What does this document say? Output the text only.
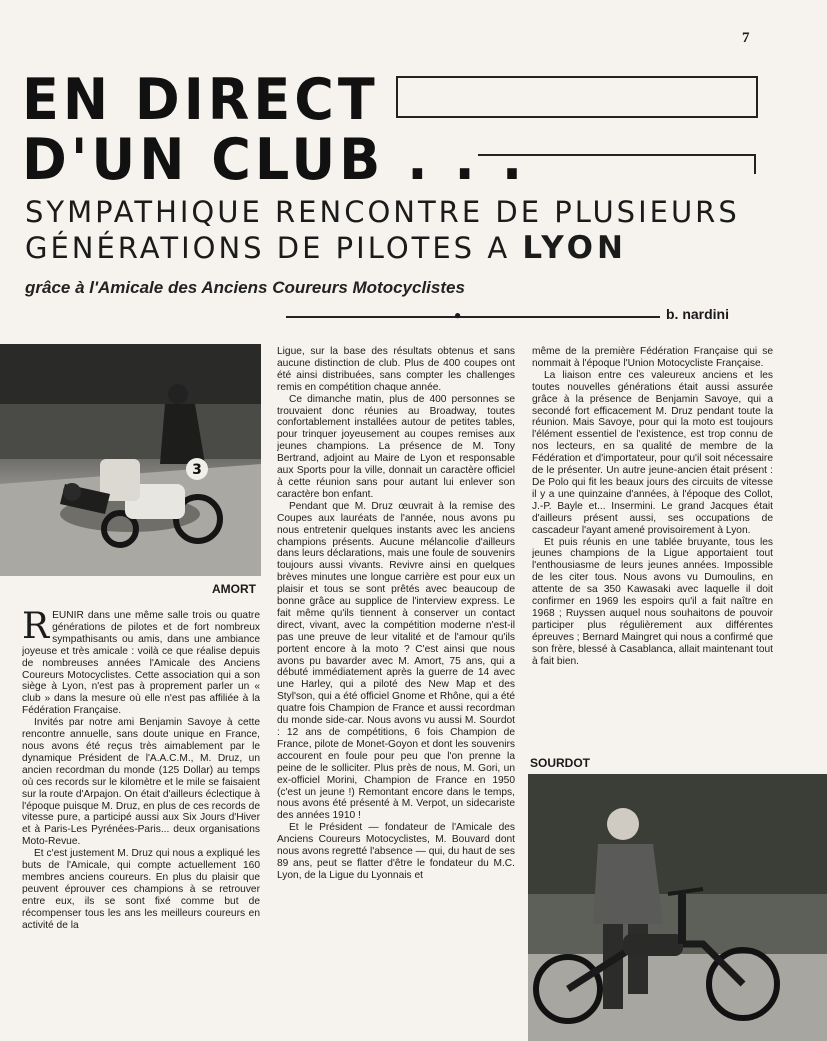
7
EN DIRECT
D'UN CLUB . . .
SYMPATHIQUE RENCONTRE DE PLUSIEURS
GÉNÉRATIONS DE PILOTES A LYON
grâce à l'Amicale des Anciens Coureurs Motocyclistes
●	b. nardini
3
AMORT

REUNIR dans une même salle trois ou quatre générations de pilotes et de fort nombreux sympathisants ou amis, dans une ambiance joyeuse et très amicale : voilà ce que réalise depuis de nombreuses années l'Amicale des Anciens Coureurs Motocyclistes. Cette association qui a son siège à Lyon, n'est pas à proprement parler un « club » dans la mesure où elle n'est pas affiliée à la Fédération Française.

Invités par notre ami Benjamin Savoye à cette rencontre annuelle, sans doute unique en France, nous avons été reçus très aimablement par le dynamique Président de l'A.A.C.M., M. Druz, un ancien recordman du monde (125 Dollar) au temps où ces records sur le kilomètre et le mile se faisaient sur la route d'Arpajon. On était d'ailleurs éclectique à l'époque puisque M. Druz, en plus de ces records de vitesse pure, a participé aussi aux Six Jours d'Hiver et à Paris-Les Pyrénées-Paris... deux organisations Moto-Revue.

Et c'est justement M. Druz qui nous a expliqué les buts de l'Amicale, qui compte actuellement 160 membres anciens coureurs. En plus du plaisir que peuvent éprouver ces champions à se retrouver entre eux, ils se sont fixé comme but de récompenser tous les ans les meilleurs coureurs en activité de la

Ligue, sur la base des résultats obtenus et sans aucune distinction de club. Plus de 400 coupes ont été ainsi distribuées, sans compter les challenges remis en compétition chaque année.

Ce dimanche matin, plus de 400 personnes se trouvaient donc réunies au Broadway, toutes confortablement installées autour de petites tables, pour trinquer joyeusement au coupes remises aux jeunes champions. La présence de M. Tony Bertrand, adjoint au Maire de Lyon et responsable aux Sports pour la ville, donnait un caractère officiel à cette réunion sans pour autant lui enlever son caractère bon enfant.

Pendant que M. Druz œuvrait à la remise des Coupes aux lauréats de l'année, nous avons pu nous entretenir quelques instants avec les anciens champions présents. Aucune mélancolie d'ailleurs dans leurs déclarations, mais une foule de souvenirs toujours aussi vivants. Revivre ainsi en quelques brèves minutes une longue carrière est pour eux un plaisir et tous se sont prêtés avec beaucoup de bonne grâce au supplice de l'interview express. Le fait même qu'ils tiennent à conserver un contact direct, vivant, avec la compétition moderne n'est-il pas une preuve de leur vitalité et de l'amour qu'ils portent encore à la moto ? C'est ainsi que nous avons pu bavarder avec M. Amort, 75 ans, qui a débuté immédiatement après la guerre de 14 avec une Harley, qui a piloté des New Map et des Styl'son, qui a été officiel Gnome et Rhône, qui a été quatre fois Champion de France et aussi recordman du monde side-car. Nous avons vu aussi M. Sourdot : 12 ans de compétitions, 6 fois Champion de France, pilote de Monet-Goyon et dont les souvenirs accourent en foule pour peu que l'on prenne la peine de le solliciter. Plus près de nous, M. Gori, un ex-officiel Morini, Champion de France en 1950 (c'est un jeune !) Remontant encore dans le temps, nous avons été présenté à M. Verpot, un sidecariste des années 1910 !

Et le Président — fondateur de l'Amicale des Anciens Coureurs Motocyclistes, M. Bouvard dont nous avons regretté l'absence — qui, du haut de ses 89 ans, peut se flatter d'être le fondateur du M.C. Lyon, de la Ligue du Lyonnais et

même de la première Fédération Française qui se nommait à l'époque l'Union Motocycliste Française.

La liaison entre ces valeureux anciens et les toutes nouvelles générations était aussi assurée grâce à la présence de Benjamin Savoye, qui a secondé fort efficacement M. Druz pendant toute la réunion. Mais Savoye, pour qui la moto est toujours l'élément essentiel de l'existence, est trop connu de nos lecteurs, en sa qualité de membre de la Fédération et d'importateur, pour qu'il soit nécessaire de le présenter. Un autre jeune-ancien était présent : De Polo qui fit les beaux jours des circuits de vitesse il y a une quinzaine d'années, à l'époque des Collot, J.-P. Bayle et... Insermini. Le grand Jacques était d'ailleurs présent aussi, ses occupations de cascadeur l'ayant amené provisoirement à Lyon.

Et puis réunis en une tablée bruyante, tous les jeunes champions de la Ligue apportaient tout l'enthousiasme de leurs jeunes années. Impossible de les citer tous. Nous avons vu Dumoulins, en attente de sa 350 Kawasaki avec laquelle il doit confirmer en 1969 les espoirs qu'il a fait naître en 1968 ; Ruyssen auquel nous souhaitons de pouvoir participer plus régulièrement aux différentes épreuves ; Bernard Maingret qui nous a confirmé que son frère, blessé à Casablanca, allait maintenant tout à fait bien.

SOURDOT
